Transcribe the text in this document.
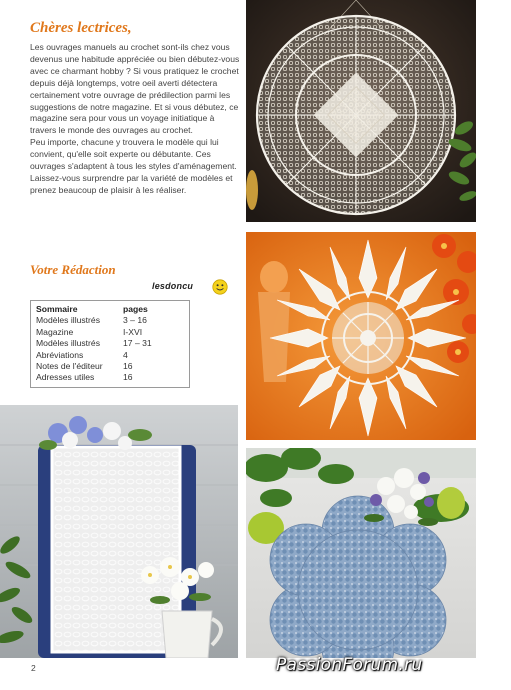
Chères lectrices,

Les ouvrages manuels au crochet sont-ils chez vous devenus une habitude appréciée ou bien débutez-vous avec ce charmant hobby ? Si vous pratiquez le crochet depuis déjà longtemps, votre oeil averti détectera certainement votre ouvrage de prédilection parmi les suggestions de notre magazine. Et si vous débutez, ce magazine sera pour vous un voyage initiatique à travers le monde des ouvrages au crochet.

Peu importe, chacune y trouvera le modèle qui lui convient, qu'elle soit experte ou débutante. Ces ouvrages s'adaptent à tous les styles d'aménagement.

Laissez-vous surprendre par la variété de modèles et prenez beaucoup de plaisir à les réaliser.

Votre Rédaction
lesdoncu
Sommaire	pages
Modèles illustrés	3 – 16
Magazine	I-XVI
Modèles illustrés	17 – 31
Abréviations	4
Notes de l'éditeur	16
Adresses utiles	16
2	PassionForum.ru
